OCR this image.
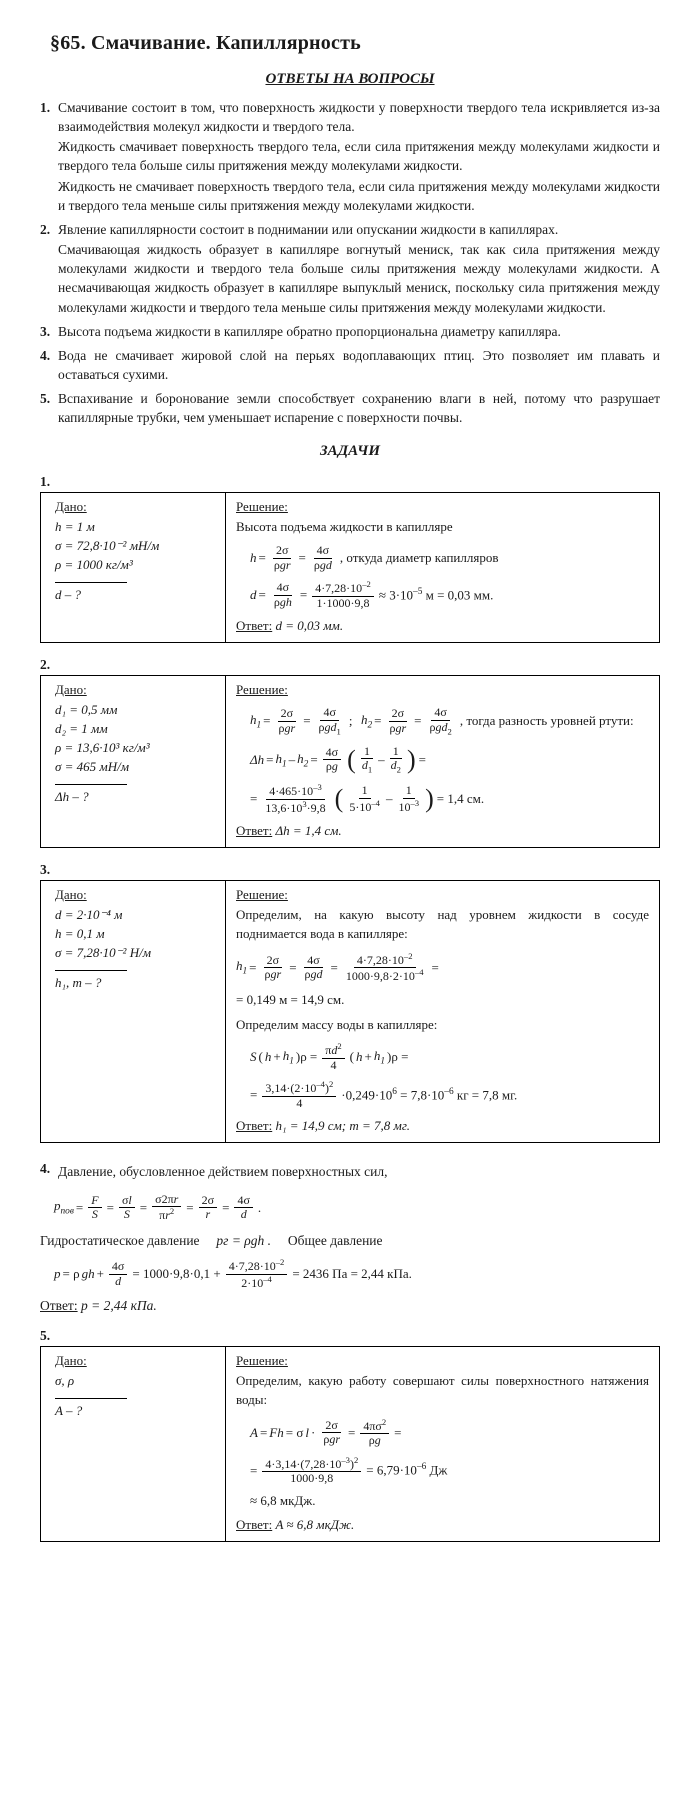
§65. Смачивание. Капиллярность
ОТВЕТЫ НА ВОПРОСЫ
1. Смачивание состоит в том, что поверхность жидкости у поверхности твердого тела искривляется из-за взаимодействия молекул жидкости и твердого тела.

Жидкость смачивает поверхность твердого тела, если сила притяжения между молекулами жидкости и твердого тела больше силы притяжения между молекулами жидкости.

Жидкость не смачивает поверхность твердого тела, если сила притяжения между молекулами жидкости и твердого тела меньше силы притяжения между молекулами жидкости.

2. Явление капиллярности состоит в поднимании или опускании жидкости в капиллярах.

Смачивающая жидкость образует в капилляре вогнутый мениск, так как сила притяжения между молекулами жидкости и твердого тела больше силы притяжения между молекулами жидкости. А несмачивающая жидкость образует в капилляре выпуклый мениск, поскольку сила притяжения между молекулами жидкости и твердого тела меньше силы притяжения между молекулами жидкости.

3. Высота подъема жидкости в капилляре обратно пропорциональна диаметру капилляра.

4. Вода не смачивает жировой слой на перьях водоплавающих птиц. Это позволяет им плавать и оставаться сухими.

5. Вспахивание и боронование земли способствует сохранению влаги в ней, потому что разрушает капиллярные трубки, чем уменьшает испарение с поверхности почвы.

ЗАДАЧИ
1.
Дано:
h = 1 м
σ = 72,8·10⁻² мН/м
ρ = 1000 кг/м³
d – ?
Решение:

Высота подъема жидкости в капилляре

$h = \frac{2\sigma}{\text{ρgr}} = \frac{4\sigma}{\text{ρgd}}$ , откуда диаметр капилляров
$d = \frac{4\sigma}{\text{ρgh}} = \frac{4\cdot 7,28\cdot 10^{-2}}{1\cdot 1000\cdot 9,8} \approx 3\cdot 10^{-5}$ м = 0,03 мм.
Ответ: d = 0,03 мм.
2.
Дано:
d₁ = 0,5 мм
d₂ = 1 мм
ρ = 13,6·10³ кг/м³
σ = 465 мН/м
Δh – ?
Решение:
$h_1 = \frac{2\sigma}{\text{ρgr}} = \frac{4\sigma}{\rho gd_1}$ ; $h_2 = \frac{2\sigma}{\text{ρgr}} = \frac{4\sigma}{\rho gd_2}$ , тогда разность уровней ртути:
$\Delta h = h_1 - h_2 = \frac{4\sigma}{\rho g}$ ( $\frac{1}{d_1} - \frac{1}{d_2}$ ) =
= $\frac{4\cdot 465\cdot 10^{-3}}{13,6\cdot 10^3\cdot 9,8}$ ( $\frac{1}{5\cdot 10^{-4}} - \frac{1}{10^{-3}}$ ) = 1,4 см.
Ответ: Δh = 1,4 см.
3.
Дано:
d = 2·10⁻⁴ м
h = 0,1 м
σ = 7,28·10⁻² Н/м
h₁, m – ?
Решение:

Определим, на какую высоту над уровнем жидкости в сосуде поднимается вода в капилляре:

$h_1 = \frac{2\sigma}{\text{ρgr}} = \frac{4\sigma}{\text{ρgd}} = \frac{4\cdot 7,28\cdot 10^{-2}}{1000\cdot 9,8\cdot 2\cdot 10^{-4}}$ =
= 0,149 м = 14,9 см.

Определим массу воды в капилляре:

S ( $h + h_1$ )$\rho = \frac{\pi d^2}{4}$ ( $h + h_1$ )ρ =
= $\frac{3,14\cdot(2\cdot 10^{-4})^2}{4} \cdot 0,249\cdot 10^6 = 7,8\cdot 10^{-6}$ кг = 7,8 мг.
Ответ: h₁ = 14,9 см; m = 7,8 мг.
4. Давление, обусловленное действием поверхностных сил,

$p_{пов} = \frac{F}{S} = \frac{\sigma l}{S} = \frac{\sigma 2\pi r}{\pi r^2} = \frac{2\sigma}{r} = \frac{4\sigma}{d}$ .

Гидростатическое давление pг = ρgh . Общее давление

p = ρ gh + $\frac{4\sigma}{d} = 1000\cdot 9,8\cdot 0,1 + \frac{4\cdot 7,28\cdot 10^{-2}}{2\cdot 10^{-4}} = 2436$ Па = 2,44 кПа.
Ответ: p = 2,44 кПа.
5.
Дано:
σ, ρ
A – ?
Решение:

Определим, какую работу совершают силы поверхностного натяжения воды:

A = Fh = σ $l \cdot \frac{2\sigma}{\text{ρgr}} = \frac{4\pi\sigma^2}{\rho g}$ =
= $\frac{4\cdot 3,14\cdot(7,28\cdot 10^{-3})^2}{1000\cdot 9,8} = 6,79\cdot 10^{-6}$ Дж
≈ 6,8 мкДж.
Ответ: A ≈ 6,8 мкДж.
